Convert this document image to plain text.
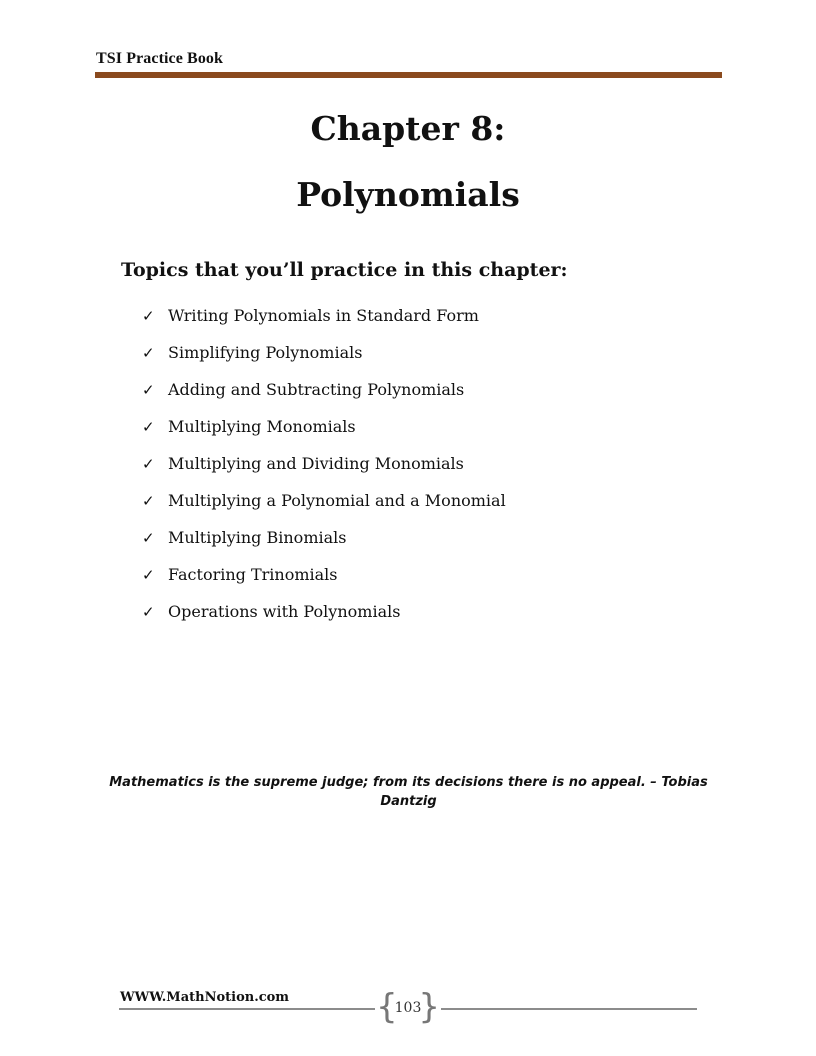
TSI Practice Book
Chapter 8:
Polynomials
Topics that you’ll practice in this chapter:
✓ Writing Polynomials in Standard Form
✓ Simplifying Polynomials
✓ Adding and Subtracting Polynomials
✓ Multiplying Monomials
✓ Multiplying and Dividing Monomials
✓ Multiplying a Polynomial and a Monomial
✓ Multiplying Binomials
✓ Factoring Trinomials
✓ Operations with Polynomials

Mathematics is the supreme judge; from its decisions there is no appeal. – Tobias Dantzig

WWW.MathNotion.com	{
103
}
